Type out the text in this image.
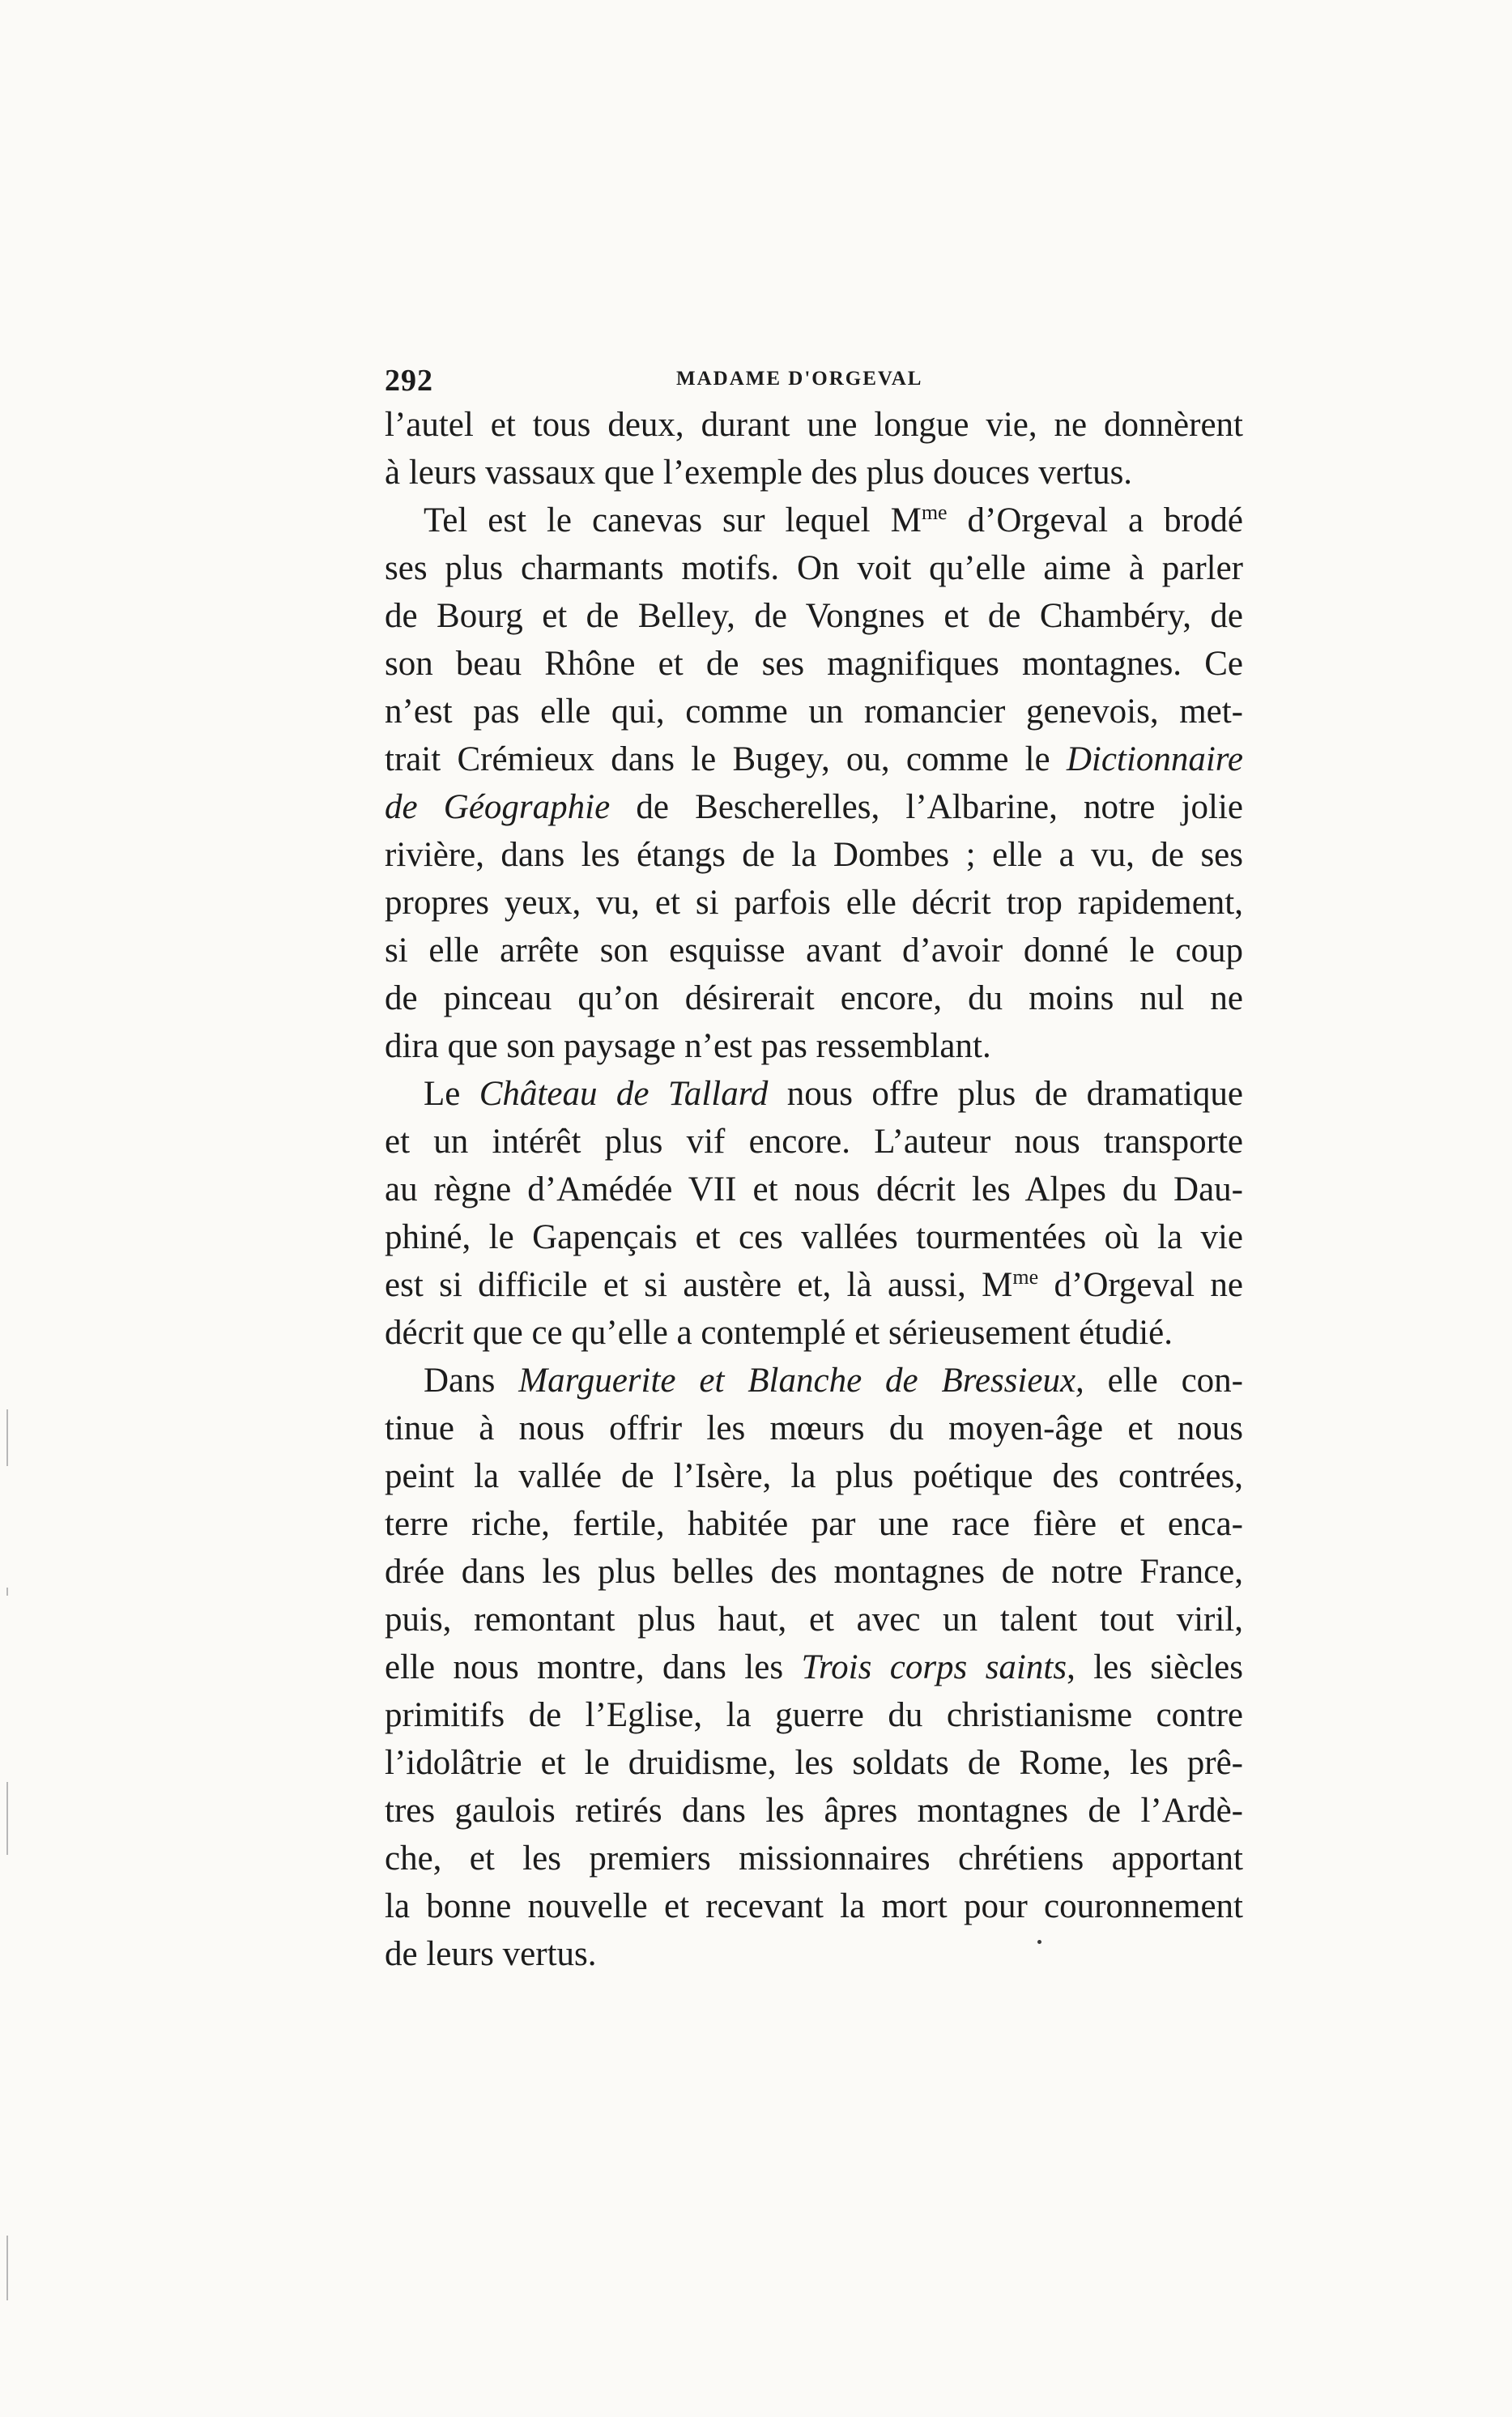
292	MADAME D'ORGEVAL
l’autel et tous deux, durant une longue vie, ne donnèrent
à leurs vassaux que l’exemple des plus douces vertus.
Tel est le canevas sur lequel $M^{me}$ d’Orgeval a brodé
ses plus charmants motifs. On voit qu’elle aime à parler
de Bourg et de Belley, de Vongnes et de Chambéry, de
son beau Rhône et de ses magnifiques montagnes. Ce
n’est pas elle qui, comme un romancier genevois, met-
trait Crémieux dans le Bugey, ou, comme le Dictionnaire
de Géographie de Bescherelles, l’Albarine, notre jolie
rivière, dans les étangs de la Dombes ; elle a vu, de ses
propres yeux, vu, et si parfois elle décrit trop rapidement,
si elle arrête son esquisse avant d’avoir donné le coup
de pinceau qu’on désirerait encore, du moins nul ne
dira que son paysage n’est pas ressemblant.
Le Château de Tallard nous offre plus de dramatique
et un intérêt plus vif encore. L’auteur nous transporte
au règne d’Amédée VII et nous décrit les Alpes du Dau-
phiné, le Gapençais et ces vallées tourmentées où la vie
est si difficile et si austère et, là aussi, $M^{me}$ d’Orgeval ne
décrit que ce qu’elle a contemplé et sérieusement étudié.
Dans Marguerite et Blanche de Bressieux, elle con-
tinue à nous offrir les mœurs du moyen-âge et nous
peint la vallée de l’Isère, la plus poétique des contrées,
terre riche, fertile, habitée par une race fière et enca-
drée dans les plus belles des montagnes de notre France,
puis, remontant plus haut, et avec un talent tout viril,
elle nous montre, dans les Trois corps saints, les siècles
primitifs de l’Eglise, la guerre du christianisme contre
l’idolâtrie et le druidisme, les soldats de Rome, les prê-
tres gaulois retirés dans les âpres montagnes de l’Ardè-
che, et les premiers missionnaires chrétiens apportant
la bonne nouvelle et recevant la mort pour couronnement
de leurs vertus.
